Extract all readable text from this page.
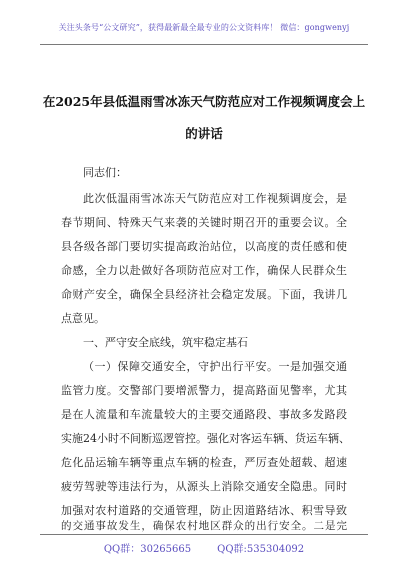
关注头条号“公文研究”，获得最新最全最专业的公文资料库！ 微信：gongwenyj
在2025年县低温雨雪冰冻天气防范应对工作视频调度会上
的讲话
同志们：
此次低温雨雪冰冻天气防范应对工作视频调度会，是
春节期间、特殊天气来袭的关键时期召开的重要会议。全
县各级各部门要切实提高政治站位，以高度的责任感和使
命感，全力以赴做好各项防范应对工作，确保人民群众生
命财产安全，确保全县经济社会稳定发展。下面，我讲几
点意见。
一、严守安全底线，筑牢稳定基石
（一）保障交通安全，守护出行平安。一是加强交通
监管力度。交警部门要增派警力，提高路面见警率，尤其
是在人流量和车流量较大的主要交通路段、事故多发路段
实施24小时不间断巡逻管控。强化对客运车辆、货运车辆、
危化品运输车辆等重点车辆的检查，严厉查处超载、超速
疲劳驾驶等违法行为，从源头上消除交通安全隐患。同时
加强对农村道路的交通管理，防止因道路结冰、积雪导致
QQ群：30265665	QQ群:535304092
的交通事故发生，确保农村地区群众的出行安全。二是完
